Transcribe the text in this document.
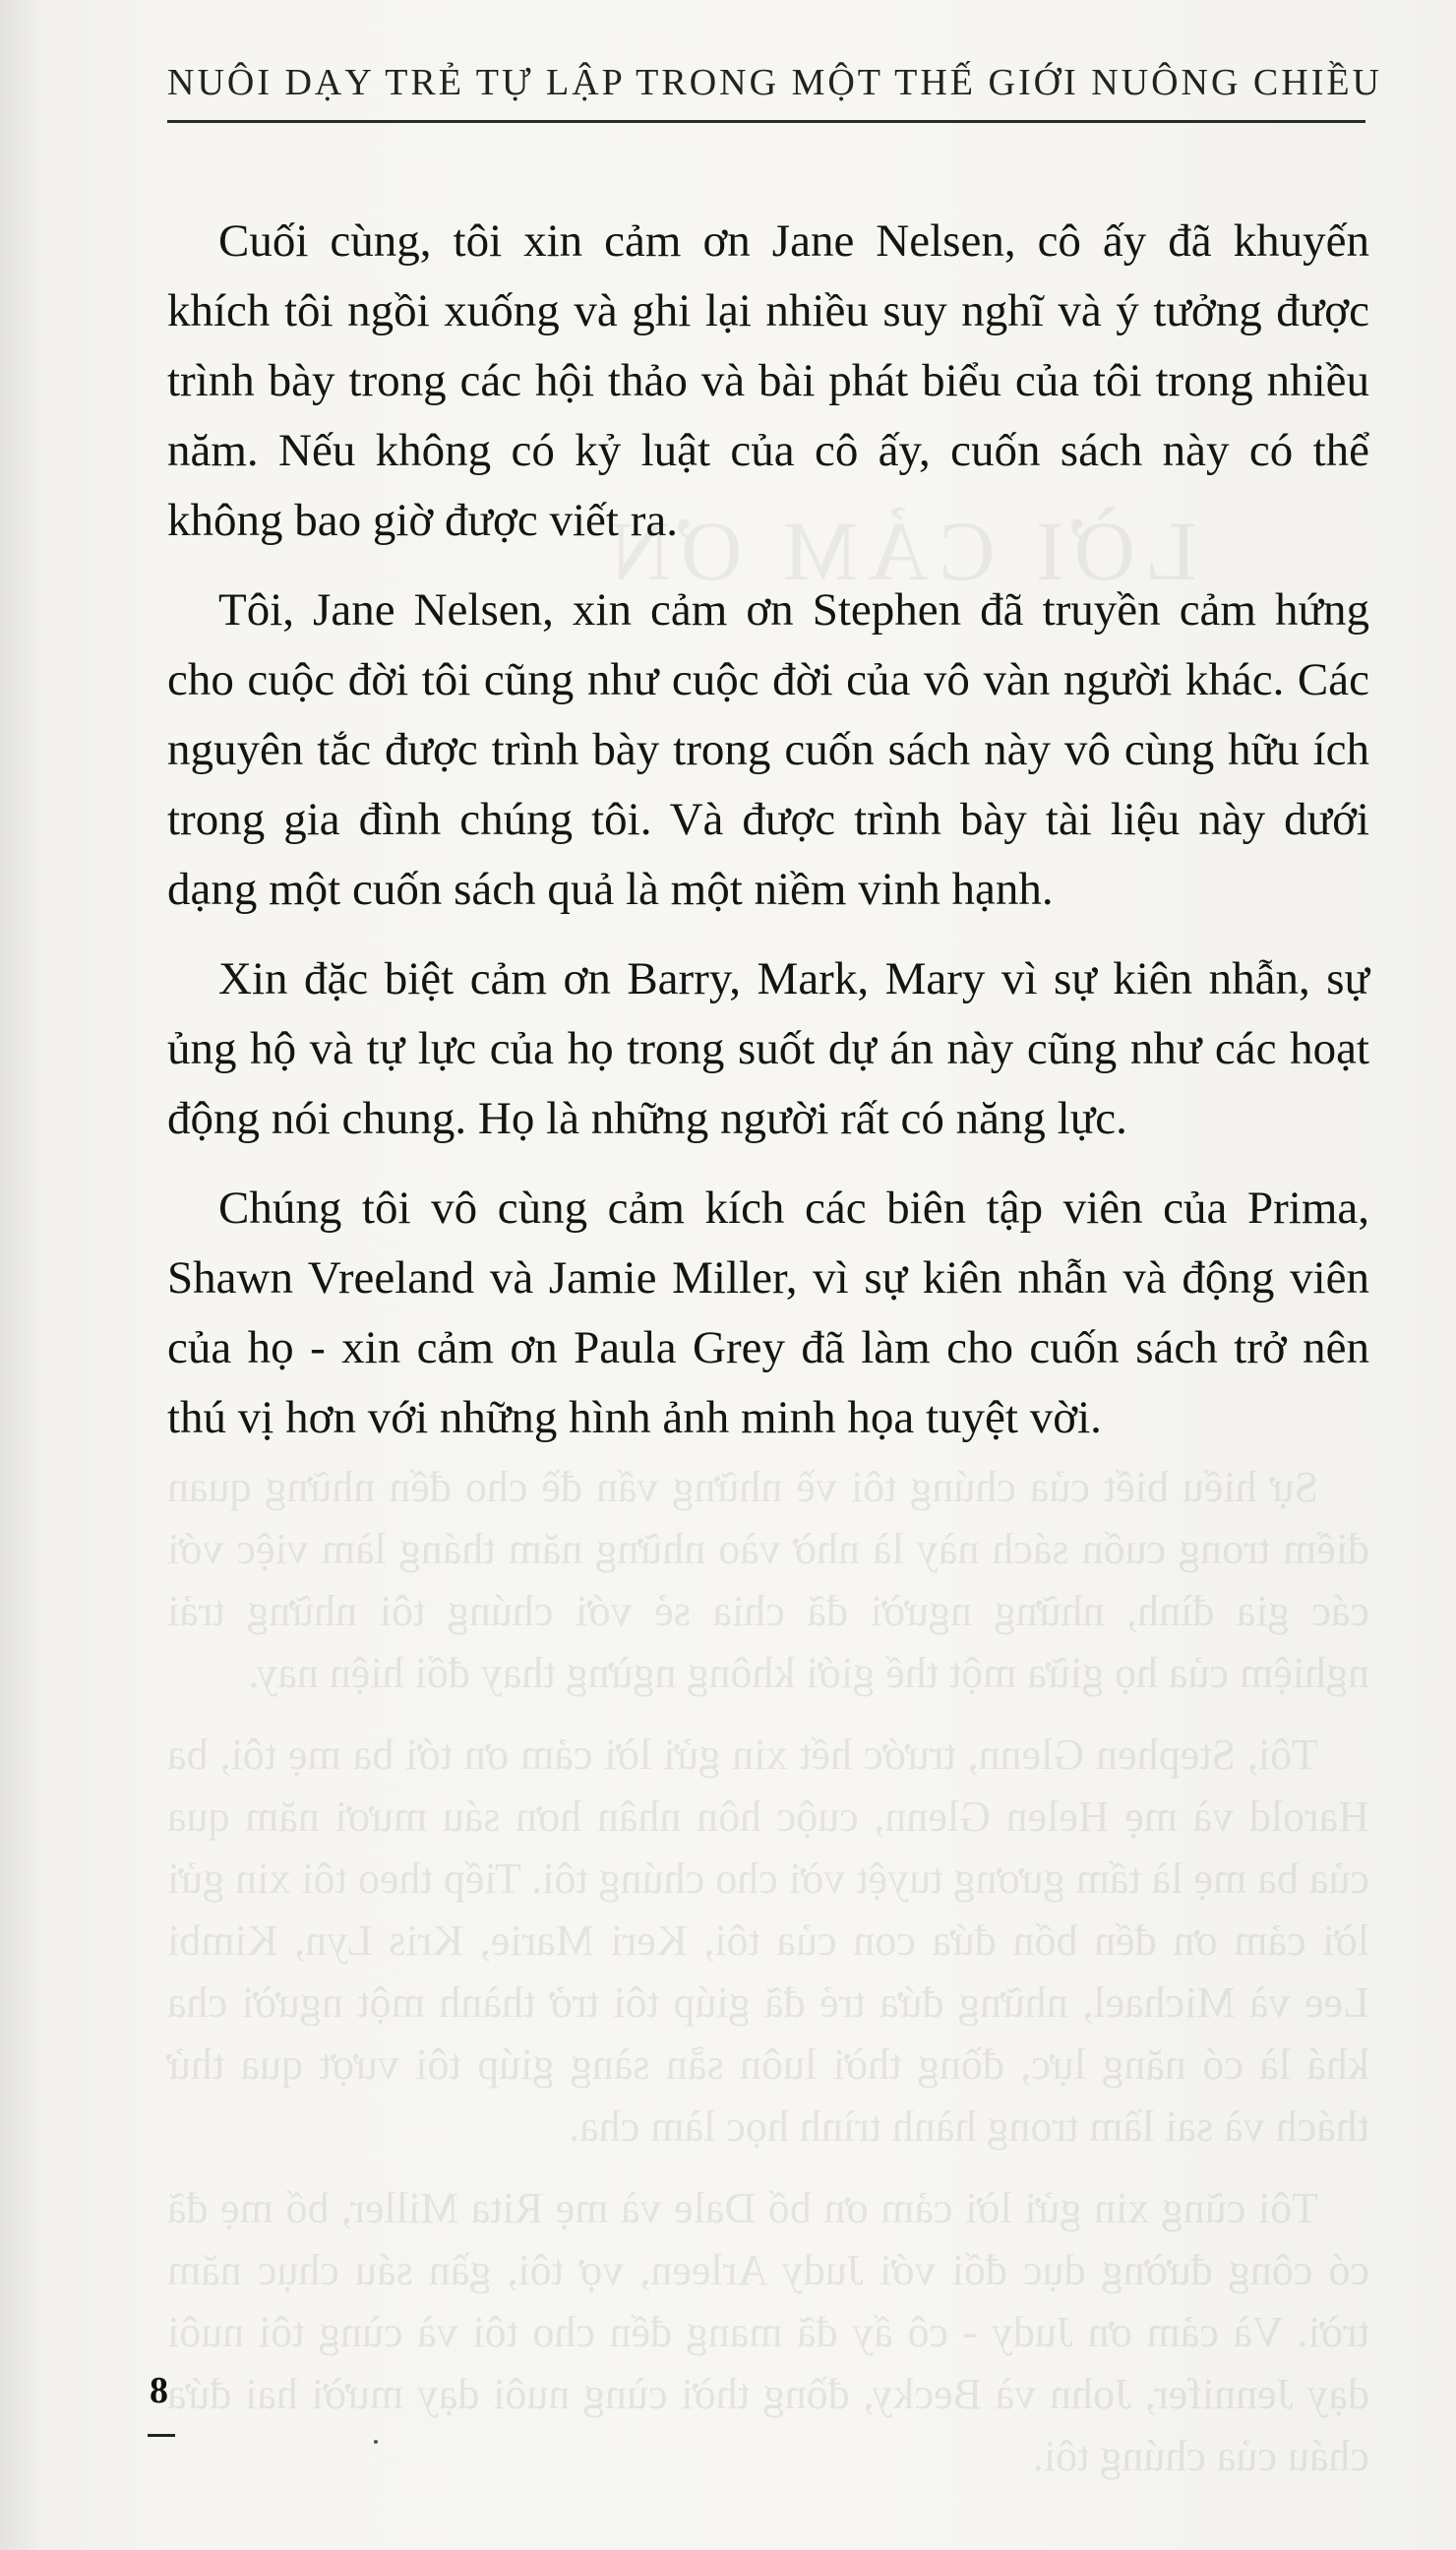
NUÔI DẠY TRẺ TỰ LẬP TRONG MỘT THẾ GIỚI NUÔNG CHIỀU
LỜI CẢM ƠN

Sự hiểu biết của chúng tôi về những vấn đề cho đến những quan điểm trong cuốn sách này là nhờ vào những năm tháng làm việc với các gia đình, những người đã chia sẻ với chúng tôi những trải nghiệm của họ giữa một thế giới không ngừng thay đổi hiện nay.

Tôi, Stephen Glenn, trước hết xin gửi lời cảm ơn tới ba mẹ tôi, ba Harold và mẹ Helen Glenn, cuộc hôn nhân hơn sáu mươi năm qua của ba mẹ là tấm gương tuyệt vời cho chúng tôi. Tiếp theo tôi xin gửi lời cảm ơn đến bốn đứa con của tôi, Keri Marie, Kris Lyn, Kimbi Lee và Michael, những đứa trẻ đã giúp tôi trở thành một người cha khá là có năng lực, đồng thời luôn sẵn sàng giúp tôi vượt qua thử thách và sai lầm trong hành trình học làm cha.

Tôi cũng xin gửi lời cảm ơn bố Dale và mẹ Rita Miller, bố mẹ đã có công đường dục đối với Judy Arleen, vợ tôi, gần sáu chục năm trời. Và cảm ơn Judy - cô ấy đã mang đến cho tôi và cùng tôi nuôi dạy Jennifer, John và Becky, đồng thời cùng nuôi dạy mười hai đứa cháu của chúng tôi.

Cuối cùng, tôi xin cảm ơn Jane Nelsen, cô ấy đã khuyến khích tôi ngồi xuống và ghi lại nhiều suy nghĩ và ý tưởng được trình bày trong các hội thảo và bài phát biểu của tôi trong nhiều năm. Nếu không có kỷ luật của cô ấy, cuốn sách này có thể không bao giờ được viết ra.

Tôi, Jane Nelsen, xin cảm ơn Stephen đã truyền cảm hứng cho cuộc đời tôi cũng như cuộc đời của vô vàn người khác. Các nguyên tắc được trình bày trong cuốn sách này vô cùng hữu ích trong gia đình chúng tôi. Và được trình bày tài liệu này dưới dạng một cuốn sách quả là một niềm vinh hạnh.

Xin đặc biệt cảm ơn Barry, Mark, Mary vì sự kiên nhẫn, sự ủng hộ và tự lực của họ trong suốt dự án này cũng như các hoạt động nói chung. Họ là những người rất có năng lực.

Chúng tôi vô cùng cảm kích các biên tập viên của Prima, Shawn Vreeland và Jamie Miller, vì sự kiên nhẫn và động viên của họ - xin cảm ơn Paula Grey đã làm cho cuốn sách trở nên thú vị hơn với những hình ảnh minh họa tuyệt vời.

8
